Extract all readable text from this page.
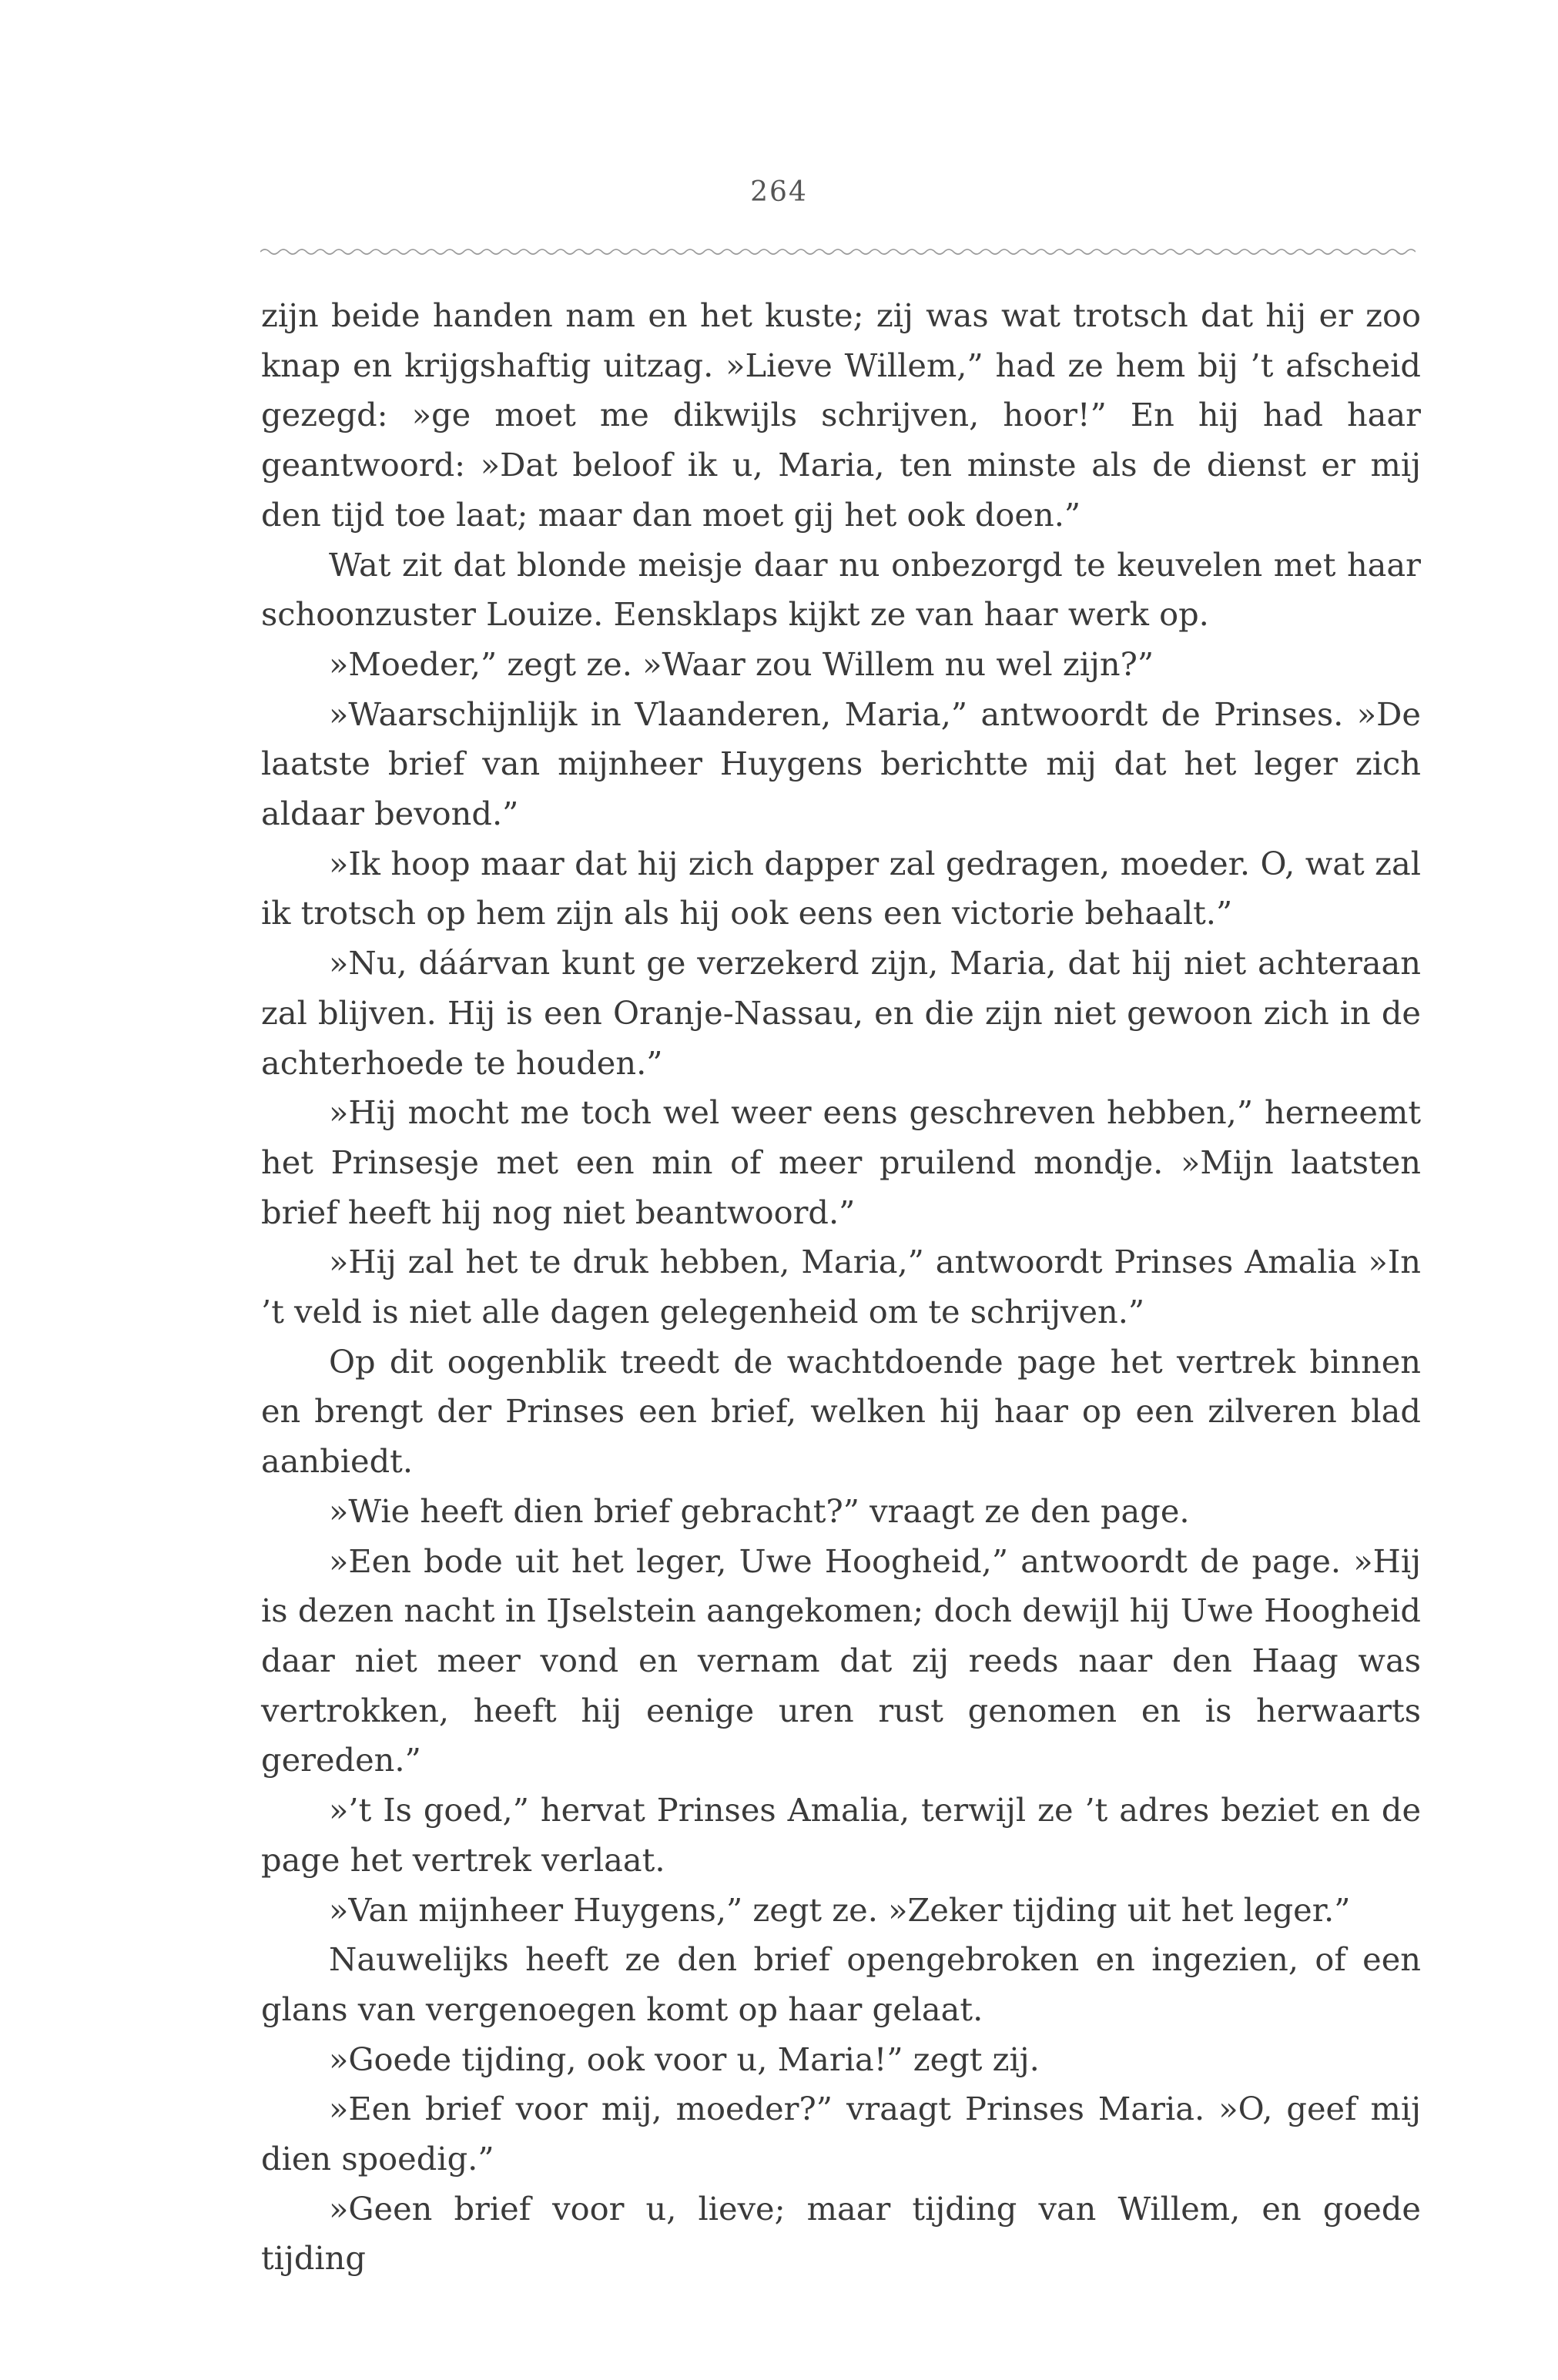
264

zijn beide handen nam en het kuste; zij was wat trotsch dat hij er zoo knap en krijgshaftig uitzag. »Lieve Willem,” had ze hem bij ’t afscheid gezegd: »ge moet me dikwijls schrijven, hoor!” En hij had haar geantwoord: »Dat beloof ik u, Maria, ten minste als de dienst er mij den tijd toe laat; maar dan moet gij het ook doen.”

Wat zit dat blonde meisje daar nu onbezorgd te keuvelen met haar schoonzuster Louize. Eensklaps kijkt ze van haar werk op.

»Moeder,” zegt ze. »Waar zou Willem nu wel zijn?”

»Waarschijnlijk in Vlaanderen, Maria,” antwoordt de Prinses. »De laatste brief van mijnheer Huygens berichtte mij dat het leger zich aldaar bevond.”

»Ik hoop maar dat hij zich dapper zal gedragen, moeder. O, wat zal ik trotsch op hem zijn als hij ook eens een victorie behaalt.”

»Nu, dáárvan kunt ge verzekerd zijn, Maria, dat hij niet achteraan zal blijven. Hij is een Oranje-Nassau, en die zijn niet gewoon zich in de achterhoede te houden.”

»Hij mocht me toch wel weer eens geschreven hebben,” herneemt het Prinsesje met een min of meer pruilend mondje. »Mijn laatsten brief heeft hij nog niet beantwoord.”

»Hij zal het te druk hebben, Maria,” antwoordt Prinses Amalia »In ’t veld is niet alle dagen gelegenheid om te schrijven.”

Op dit oogenblik treedt de wachtdoende page het vertrek binnen en brengt der Prinses een brief, welken hij haar op een zilveren blad aanbiedt.

»Wie heeft dien brief gebracht?” vraagt ze den page.

»Een bode uit het leger, Uwe Hoogheid,” antwoordt de page. »Hij is dezen nacht in IJselstein aangekomen; doch dewijl hij Uwe Hoogheid daar niet meer vond en vernam dat zij reeds naar den Haag was vertrokken, heeft hij eenige uren rust genomen en is herwaarts gereden.”

»’t Is goed,” hervat Prinses Amalia, terwijl ze ’t adres beziet en de page het vertrek verlaat.

»Van mijnheer Huygens,” zegt ze. »Zeker tijding uit het leger.”

Nauwelijks heeft ze den brief opengebroken en ingezien, of een glans van vergenoegen komt op haar gelaat.

»Goede tijding, ook voor u, Maria!” zegt zij.

»Een brief voor mij, moeder?” vraagt Prinses Maria. »O, geef mij dien spoedig.”

»Geen brief voor u, lieve; maar tijding van Willem, en goede tijding
